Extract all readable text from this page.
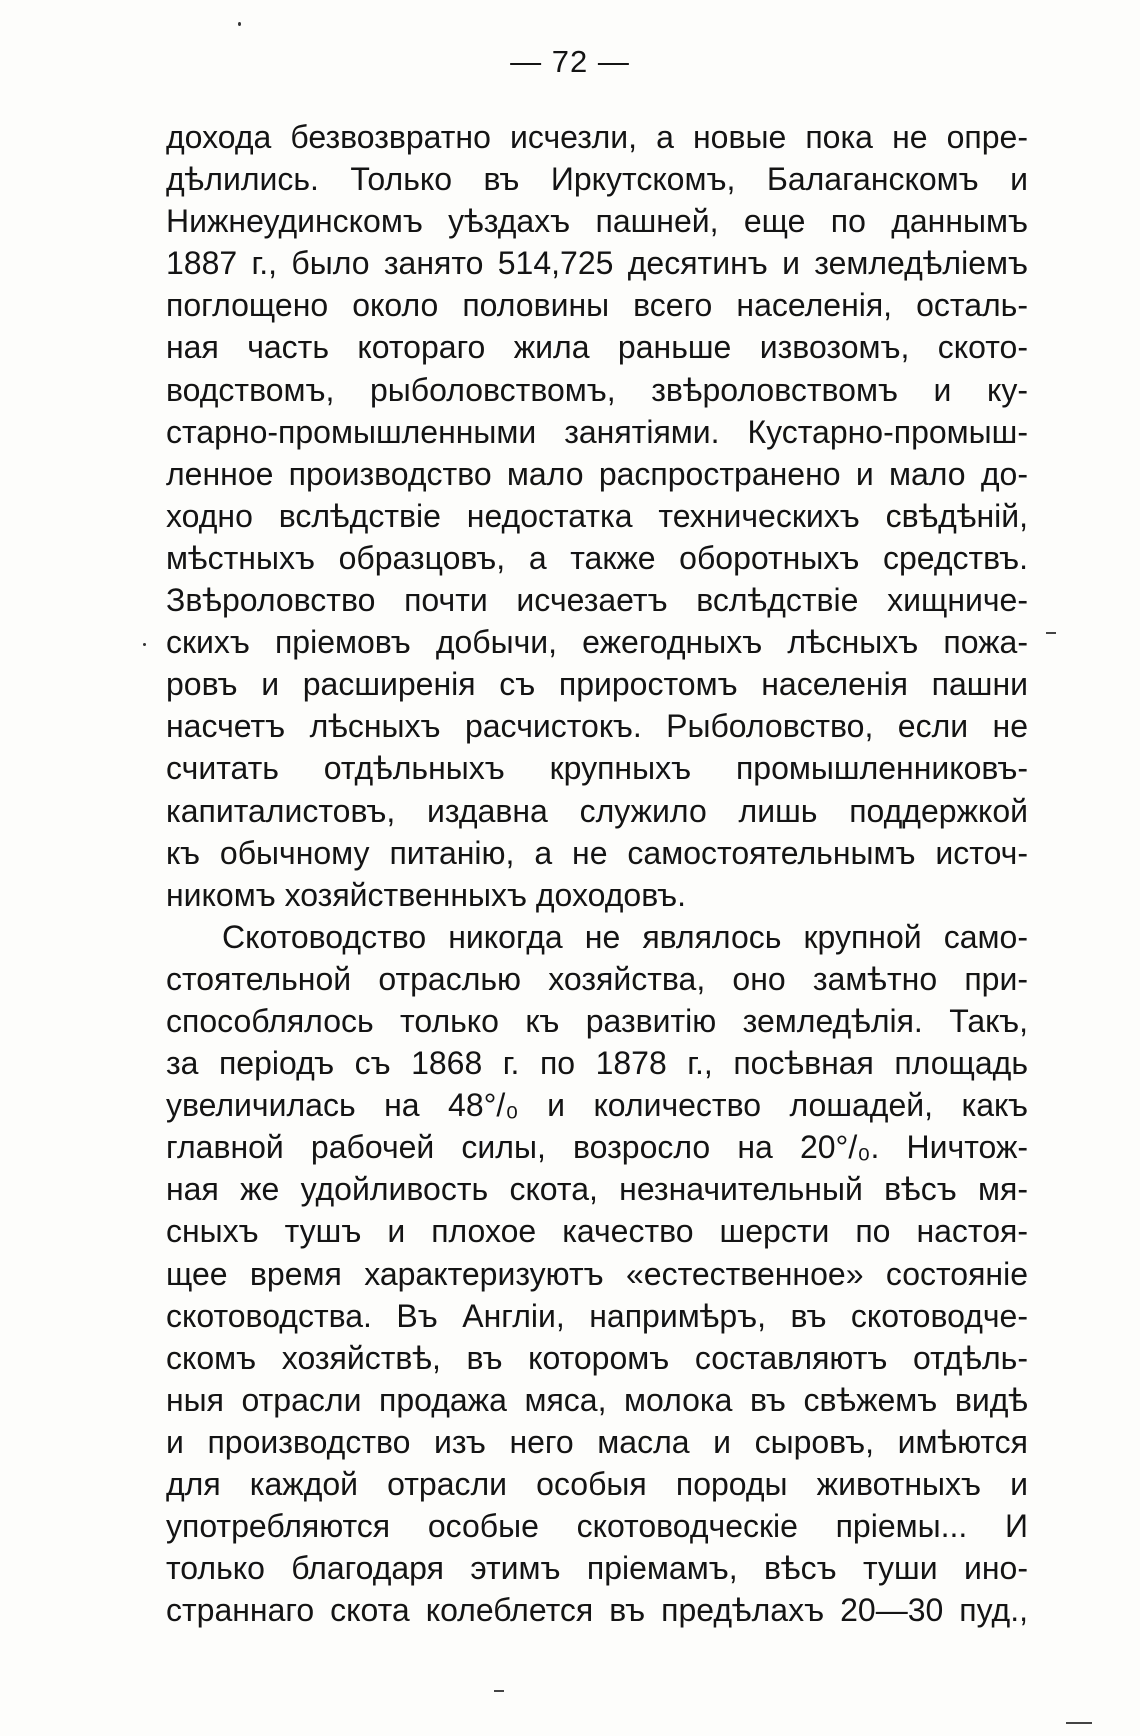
— 72 —
дохода безвозвратно исчезли, а новые пока не опре-
дѣлились. Только въ Иркутскомъ, Балаганскомъ и
Нижнеудинскомъ уѣздахъ пашней, еще по даннымъ
1887 г., было занято 514,725 десятинъ и земледѣліемъ
поглощено около половины всего населенія, осталь-
ная часть котораго жила раньше извозомъ, ското-
водствомъ, рыболовствомъ, звѣроловствомъ и ку-
старно-промышленными занятіями. Кустарно-промыш-
ленное производство мало распространено и мало до-
ходно вслѣдствіе недостатка техническихъ свѣдѣній,
мѣстныхъ образцовъ, а также оборотныхъ средствъ.
Звѣроловство почти исчезаетъ вслѣдствіе хищниче-
скихъ пріемовъ добычи, ежегодныхъ лѣсныхъ пожа-
ровъ и расширенія съ приростомъ населенія пашни
насчетъ лѣсныхъ расчистокъ. Рыболовство, если не
считать отдѣльныхъ крупныхъ промышленниковъ-
капиталистовъ, издавна служило лишь поддержкой
къ обычному питанію, а не самостоятельнымъ источ-
никомъ хозяйственныхъ доходовъ.
Скотоводство никогда не являлось крупной само-
стоятельной отраслью хозяйства, оно замѣтно при-
способлялось только къ развитію земледѣлія. Такъ,
за періодъ съ 1868 г. по 1878 г., посѣвная площадь
увеличилась на 48°/₀ и количество лошадей, какъ
главной рабочей силы, возросло на 20°/₀. Ничтож-
ная же удойливость скота, незначительный вѣсъ мя-
сныхъ тушъ и плохое качество шерсти по настоя-
щее время характеризуютъ «естественное» состояніе
скотоводства. Въ Англіи, напримѣръ, въ скотоводче-
скомъ хозяйствѣ, въ которомъ составляютъ отдѣль-
ныя отрасли продажа мяса, молока въ свѣжемъ видѣ
и производство изъ него масла и сыровъ, имѣются
для каждой отрасли особыя породы животныхъ и
употребляются особые скотоводческіе пріемы... И
только благодаря этимъ пріемамъ, вѣсъ туши ино-
страннаго скота колеблется въ предѣлахъ 20—30 пуд.,
